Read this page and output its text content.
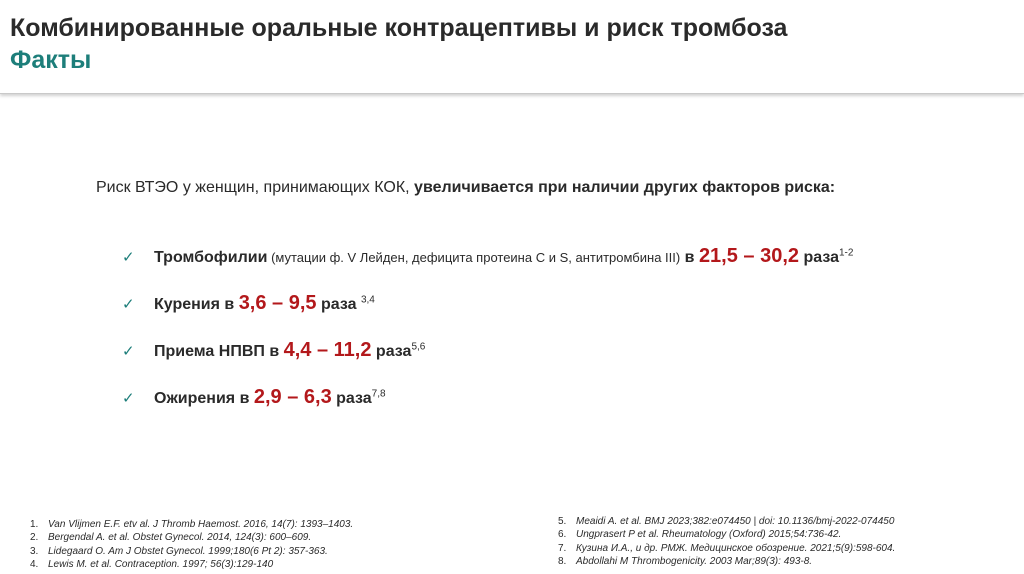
Комбинированные оральные контрацептивы и риск тромбоза
Факты
Риск ВТЭО у женщин, принимающих КОК, увеличивается при наличии других факторов риска:
✓ Тромбофилии (мутации ф. V Лейден, дефицита протеина С и S, антитромбина III) в 21,5 – 30,2 раза$^{1-2}$
✓ Курения в 3,6 – 9,5 раза $^{3,4}$
✓ Приема НПВП в 4,4 – 11,2 раза$^{5,6}$
✓ Ожирения в 2,9 – 6,3 раза$^{7,8}$
1. Van Vlijmen E.F. etv al. J Thromb Haemost. 2016, 14(7): 1393–1403.
2. Bergendal A. et al. Obstet Gynecol. 2014, 124(3): 600–609.
3. Lidegaard O. Am J Obstet Gynecol. 1999;180(6 Pt 2): 357-363.
4. Lewis M. et al. Contraception. 1997; 56(3):129-140
5. Meaidi A. et al. BMJ 2023;382:e074450 | doi: 10.1136/bmj-2022-074450
6. Ungprasert P et al. Rheumatology (Oxford) 2015;54:736-42.
7. Кузина И.А., и др. РМЖ. Медицинское обозрение. 2021;5(9):598-604.
8. Abdollahi M Thrombogenicity. 2003 Mar;89(3): 493-8.
